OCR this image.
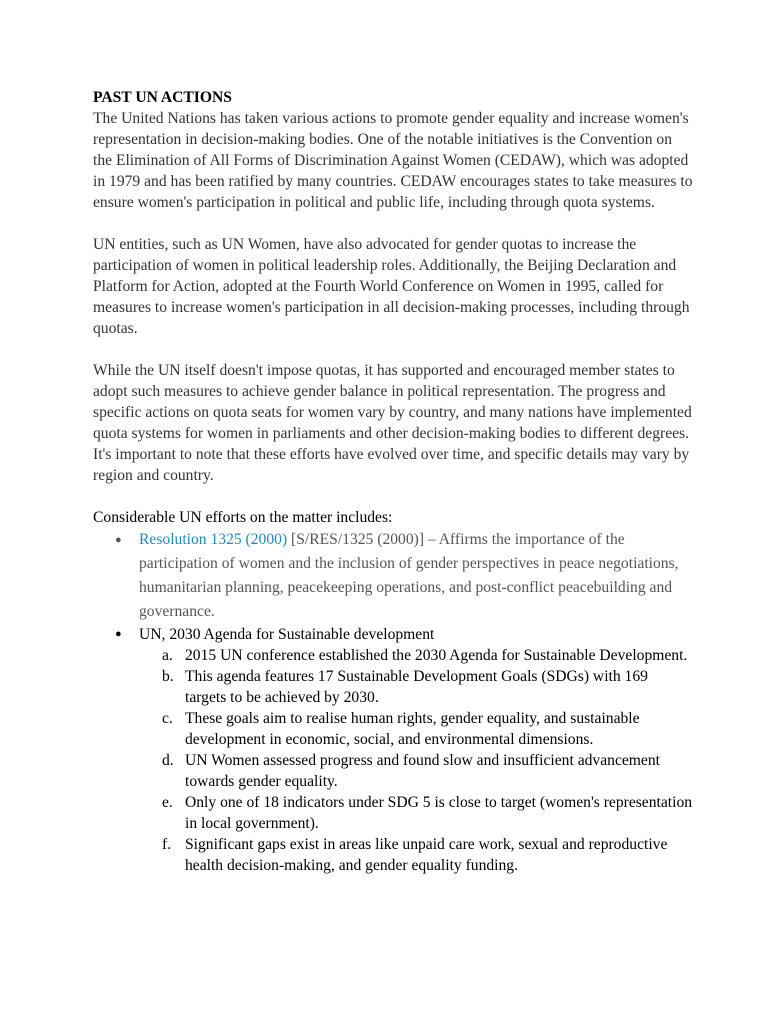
PAST UN ACTIONS

The United Nations has taken various actions to promote gender equality and increase women's representation in decision-making bodies. One of the notable initiatives is the Convention on the Elimination of All Forms of Discrimination Against Women (CEDAW), which was adopted in 1979 and has been ratified by many countries. CEDAW encourages states to take measures to ensure women's participation in political and public life, including through quota systems.

UN entities, such as UN Women, have also advocated for gender quotas to increase the participation of women in political leadership roles. Additionally, the Beijing Declaration and Platform for Action, adopted at the Fourth World Conference on Women in 1995, called for measures to increase women's participation in all decision-making processes, including through quotas.

While the UN itself doesn't impose quotas, it has supported and encouraged member states to adopt such measures to achieve gender balance in political representation. The progress and specific actions on quota seats for women vary by country, and many nations have implemented quota systems for women in parliaments and other decision-making bodies to different degrees. It's important to note that these efforts have evolved over time, and specific details may vary by region and country.

Considerable UN efforts on the matter includes:

● Resolution 1325 (2000) [S/RES/1325 (2000)] – Affirms the importance of the participation of women and the inclusion of gender perspectives in peace negotiations, humanitarian planning, peacekeeping operations, and post-conflict peacebuilding and governance.
● UN, 2030 Agenda for Sustainable development
a. 2015 UN conference established the 2030 Agenda for Sustainable Development.
b. This agenda features 17 Sustainable Development Goals (SDGs) with 169 targets to be achieved by 2030.
c. These goals aim to realise human rights, gender equality, and sustainable development in economic, social, and environmental dimensions.
d. UN Women assessed progress and found slow and insufficient advancement towards gender equality.
e. Only one of 18 indicators under SDG 5 is close to target (women's representation in local government).
f. Significant gaps exist in areas like unpaid care work, sexual and reproductive health decision-making, and gender equality funding.
